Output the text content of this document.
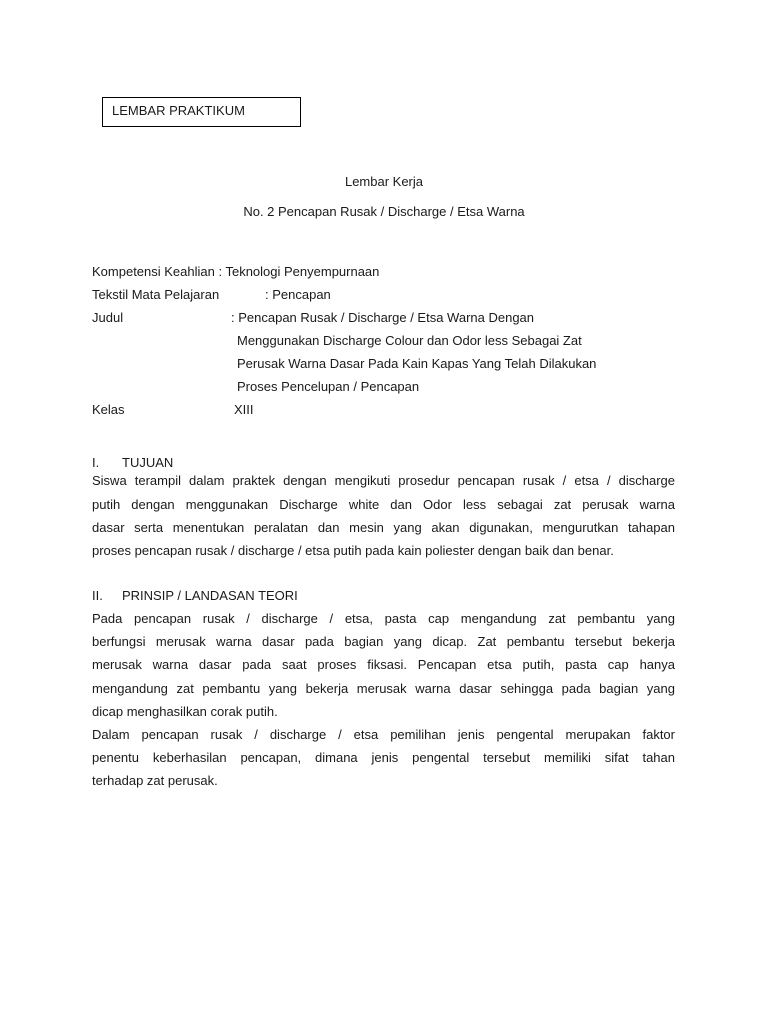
LEMBAR PRAKTIKUM
Lembar Kerja
No. 2 Pencapan Rusak / Discharge / Etsa Warna
Kompetensi Keahlian : Teknologi Penyempurnaan
Tekstil Mata Pelajaran	: Pencapan
Judul	: Pencapan Rusak / Discharge / Etsa Warna Dengan
Menggunakan Discharge Colour dan Odor less Sebagai Zat
Perusak Warna Dasar Pada Kain Kapas Yang Telah Dilakukan
Proses Pencelupan / Pencapan
Kelas	XIII
I. TUJUAN
Siswa terampil dalam praktek dengan mengikuti prosedur pencapan rusak / etsa / discharge
putih dengan menggunakan Discharge white dan Odor less sebagai zat perusak warna
dasar serta menentukan peralatan dan mesin yang akan digunakan, mengurutkan tahapan
proses pencapan rusak / discharge / etsa putih pada kain poliester dengan baik dan benar.
II. PRINSIP / LANDASAN TEORI
Pada pencapan rusak / discharge / etsa, pasta cap mengandung zat pembantu yang
berfungsi merusak warna dasar pada bagian yang dicap. Zat pembantu tersebut bekerja
merusak warna dasar pada saat proses fiksasi. Pencapan etsa putih, pasta cap hanya
mengandung zat pembantu yang bekerja merusak warna dasar sehingga pada bagian yang
dicap menghasilkan corak putih.
Dalam pencapan rusak / discharge / etsa pemilihan jenis pengental merupakan faktor
penentu keberhasilan pencapan, dimana jenis pengental tersebut memiliki sifat tahan
terhadap zat perusak.
